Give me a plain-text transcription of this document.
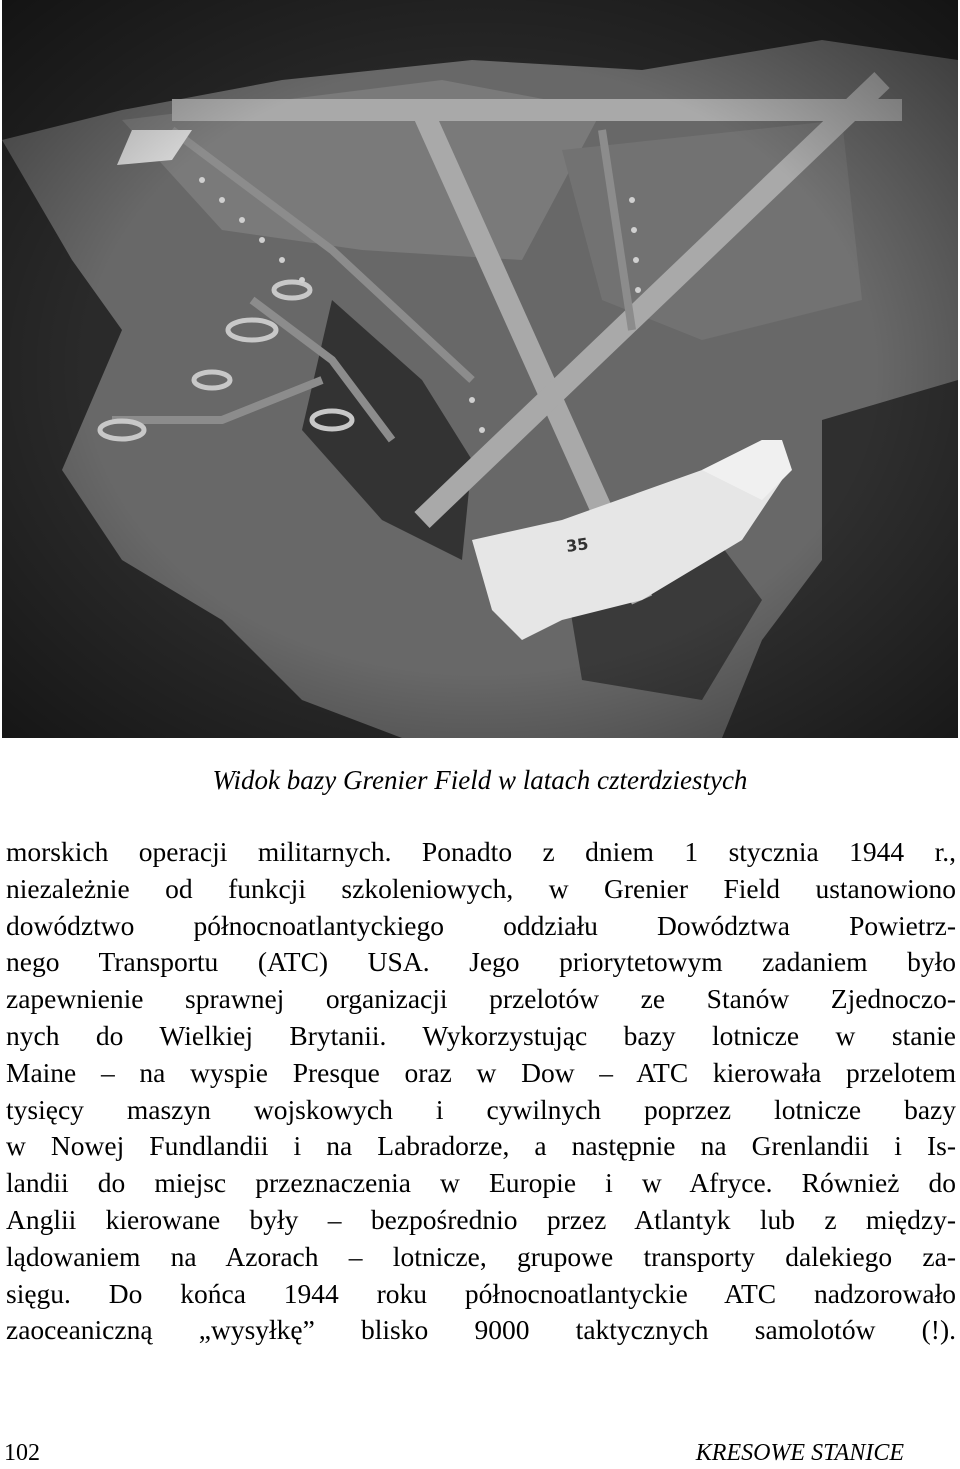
Widok bazy Grenier Field w latach czterdziestych
morskich operacji militarnych. Ponadto z dniem 1 stycznia 1944 r.,
niezależnie od funkcji szkoleniowych, w Grenier Field ustanowiono
dowództwo północnoatlantyckiego oddziału Dowództwa Powietrz-
nego Transportu (ATC) USA. Jego priorytetowym zadaniem było
zapewnienie sprawnej organizacji przelotów ze Stanów Zjednoczo-
nych do Wielkiej Brytanii. Wykorzystując bazy lotnicze w stanie
Maine – na wyspie Presque oraz w Dow – ATC kierowała przelotem
tysięcy maszyn wojskowych i cywilnych poprzez lotnicze bazy
w Nowej Fundlandii i na Labradorze, a następnie na Grenlandii i Is-
landii do miejsc przeznaczenia w Europie i w Afryce. Również do
Anglii kierowane były – bezpośrednio przez Atlantyk lub z między-
lądowaniem na Azorach – lotnicze, grupowe transporty dalekiego za-
sięgu. Do końca 1944 roku północnoatlantyckie ATC nadzorowało
zaoceaniczną „wysyłkę” blisko 9000 taktycznych samolotów (!).
102	KRESOWE STANICE
